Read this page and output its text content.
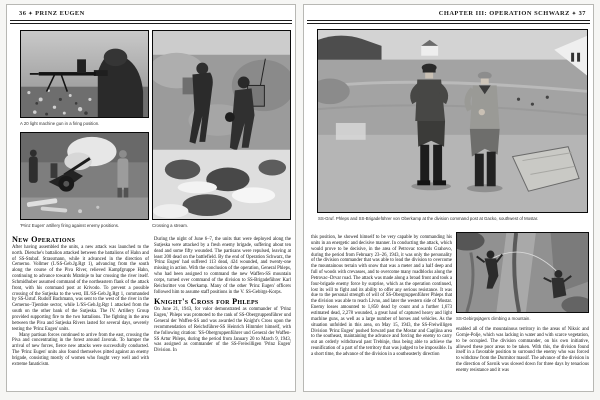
36 ✦ PRINZ EUGEN
A 20 light machine gun in a firing position.
'Prinz Eugen' artillery firing against enemy positions.	Crossing a stream.
New Operations

After having assembled the units, a new attack was launched to the north. Dietsche's battalion attacked between the battalions of Hahn and of SS-Stubaf. Strassmann, while it advanced in the direction of Cemerno. Vollmer (I./SS-Geb.Jg.Rgt 1), advancing from the south along the course of the Piva River, relieved Kampfgruppe Hahn, continuing to advance towards Mratinje to bar crossing the river itself. Schmidhuber assumed command of the northeastern flank of the attack front, with his command post at Krivodo. To prevent a possible crossing of the Sutjeska to the west, III./SS-Geb.Jg.Rgt 1, commanded by SS-Ustuf. Rudolf Bachmann, was sent to the west of the river in the Cemerno–Tjentiste sector, while I./SS-Geb.Jg.Rgt 1 attacked from the south on the other bank of the Sutjeska. The IV. Artillery Group provided supporting fire to the two battalions. The fighting in the area between the Piva and Sutjeska Rivers lasted for several days, severely testing the 'Prinz Eugen' units.

Many partisan forces continued to arrive from the east, crossing the Piva and concentrating in the forest around Javorak. To hamper the arrival of new forces, fierce new attacks were successfully conducted. The 'Prinz Eugen' units also found themselves pitted against an enemy brigade, consisting mostly of women who fought very well and with extreme fanaticism.

During the night of June 6–7, the units that were deployed along the Sutjeska were attacked by a fresh enemy brigade, suffering about ten dead and some fifty wounded. The partisans were repulsed, leaving at least 200 dead on the battlefield. By the end of Operation Schwarz, the 'Prinz Eugen' had suffered 113 dead, 424 wounded, and twenty-one missing in action. With the conclusion of the operation, General Phleps, who had been assigned to command the new Waffen-SS mountain corps, turned over command of the division to SS-Brigadeführer Karl Reichsritter von Oberkamp. Many of the other 'Prinz Eugen' officers followed him to assume staff positions in the V. SS-Gebirgs-Korps.

Knight's Cross for Phleps

On June 21, 1943, for valor demonstrated as commander of 'Prinz Eugen,' Phleps was promoted to the rank of SS-Obergruppenführer und General der Waffen-SS and was awarded the Knight's Cross upon the recommendation of Reichsführer-SS Heinrich Himmler himself, with the following citation: 'SS-Obergruppenführer und General der Waffen-SS Artur Phleps, during the period from January 20 to March 9, 1943, was assigned as commander of the SS-Freiwilligen 'Prinz Eugen' Division. In

CHAPTER III: OPERATION SCHWARZ ✦ 37
SS-Gruf. Phleps and SS-Brigadeführer von Oberkamp at the division command post at Gacko, southwest of Mostar.

this position, he showed himself to be very capable by commanding his units in an energetic and decisive manner. In conducting the attack, which would prove to be decisive, in the area of Petrovac towards Grahovo, during the period from February 23–26, 1943, it was only the personality of the division commander that was able to lead the division to overcome the mountainous terrain with snow that was a meter and a half deep and full of woods with crevasses, and to overcome many roadblocks along the Petrovac–Drvar road. The attack was made along a broad front and took a four-brigade enemy force by surprise, which as the operation continued, lost its will to fight and its ability to offer any serious resistance. It was due to the personal strength of will of SS-Obergruppenführer Phleps that the division was able to reach Livno, and later the western side of Mostar. Enemy losses amounted to 1,850 dead by count and a further 1,673 estimated dead, 2,278 wounded, a great haul of captured heavy and light machine guns, as well as a large number of horses and vehicles. As the situation unfolded in this area, on May 15, 1943, the SS-Freiwilligen Division 'Prinz Eugen' pushed forward past the Mostar and Capljina area to the southeast, maintaining the advance and forcing the enemy to carry out an orderly withdrawal past Trebinje, thus being able to achieve the reunification of a part of the territory that was judged to be impossible. In a short time, the advance of the division in a southeasterly direction

SS-Gebirgsjägers climbing a mountain.

enabled all of the mountainous territory in the areas of Niksic and Gornje-Polje, which was lacking in water and with scarce vegetation, to be occupied. The division commander, on his own initiative, allowed these poor areas to be taken. With this, the division found itself in a favorable position to surround the enemy who was forced to withdraw from the Durmitor massif. The advance of the division in the direction of Savnik was slowed down for three days by tenacious enemy resistance and it was
